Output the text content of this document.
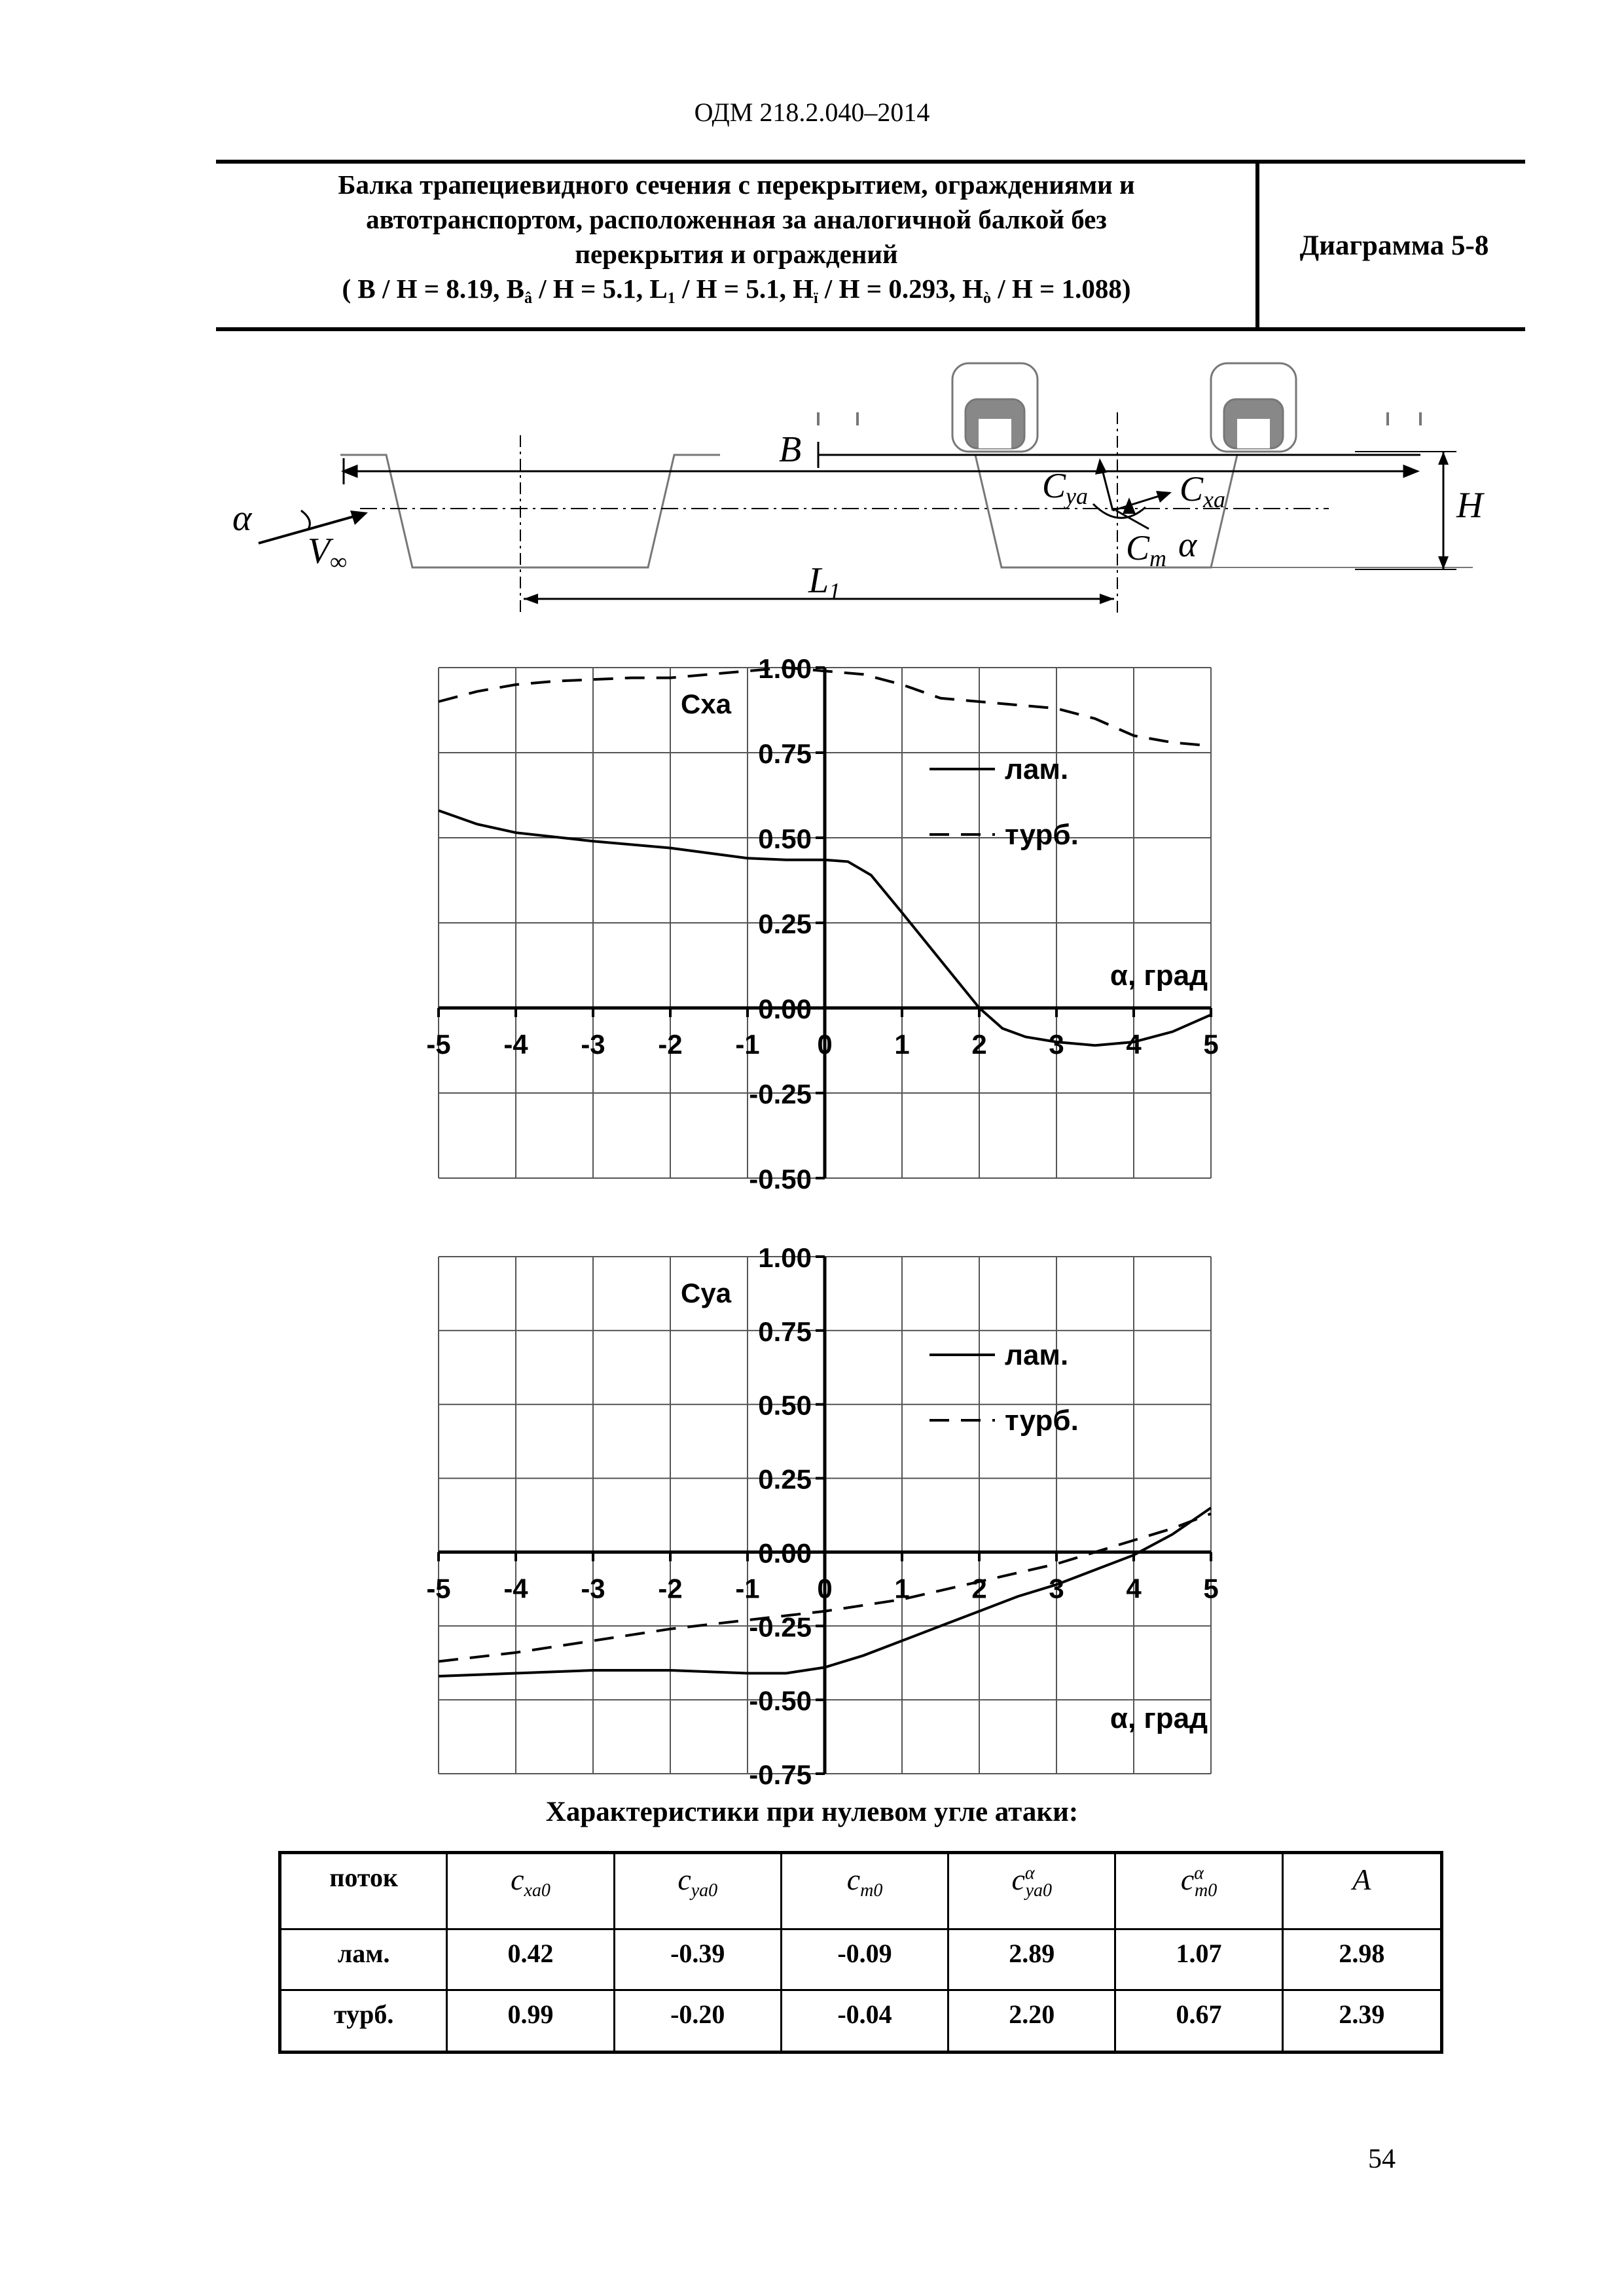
ОДМ 218.2.040–2014
Балка трапециевидного сечения с перекрытием, ограждениями и
автотранспортом, расположенная за аналогичной балкой без
перекрытия и ограждений
( B / H = 8.19, $B_â / H = 5.1$, $L_1 / H = 5.1$, $H_ï / H = 0.293$, $H_ò / H = 1.088$)
Диаграмма 5-8
B
H
L1
α
V∞
Cya	Cxa
Cm α
1.00
0.75
0.50
0.25
0.00
-0.25
-0.50
-5 -4 -3 -2 -1 0 1 2 3 4 5
Cxa
α, град
лам.
турб.
1.00
0.75
0.50
0.25
0.00
-0.25
-0.50
-0.75
-5 -4 -3 -2 -1 0 1 2 3 4 5
Cya
α, град
лам.
турб.
Характеристики при нулевом угле атаки:
поток	$c_{xa0}$	$c_{ya0}$	$c_{m0}$	$c^\alpha_{ya0}$	$c^\alpha_{m0}$	A
лам.	0.42	-0.39	-0.09	2.89	1.07	2.98
турб.	0.99	-0.20	-0.04	2.20	0.67	2.39
54
